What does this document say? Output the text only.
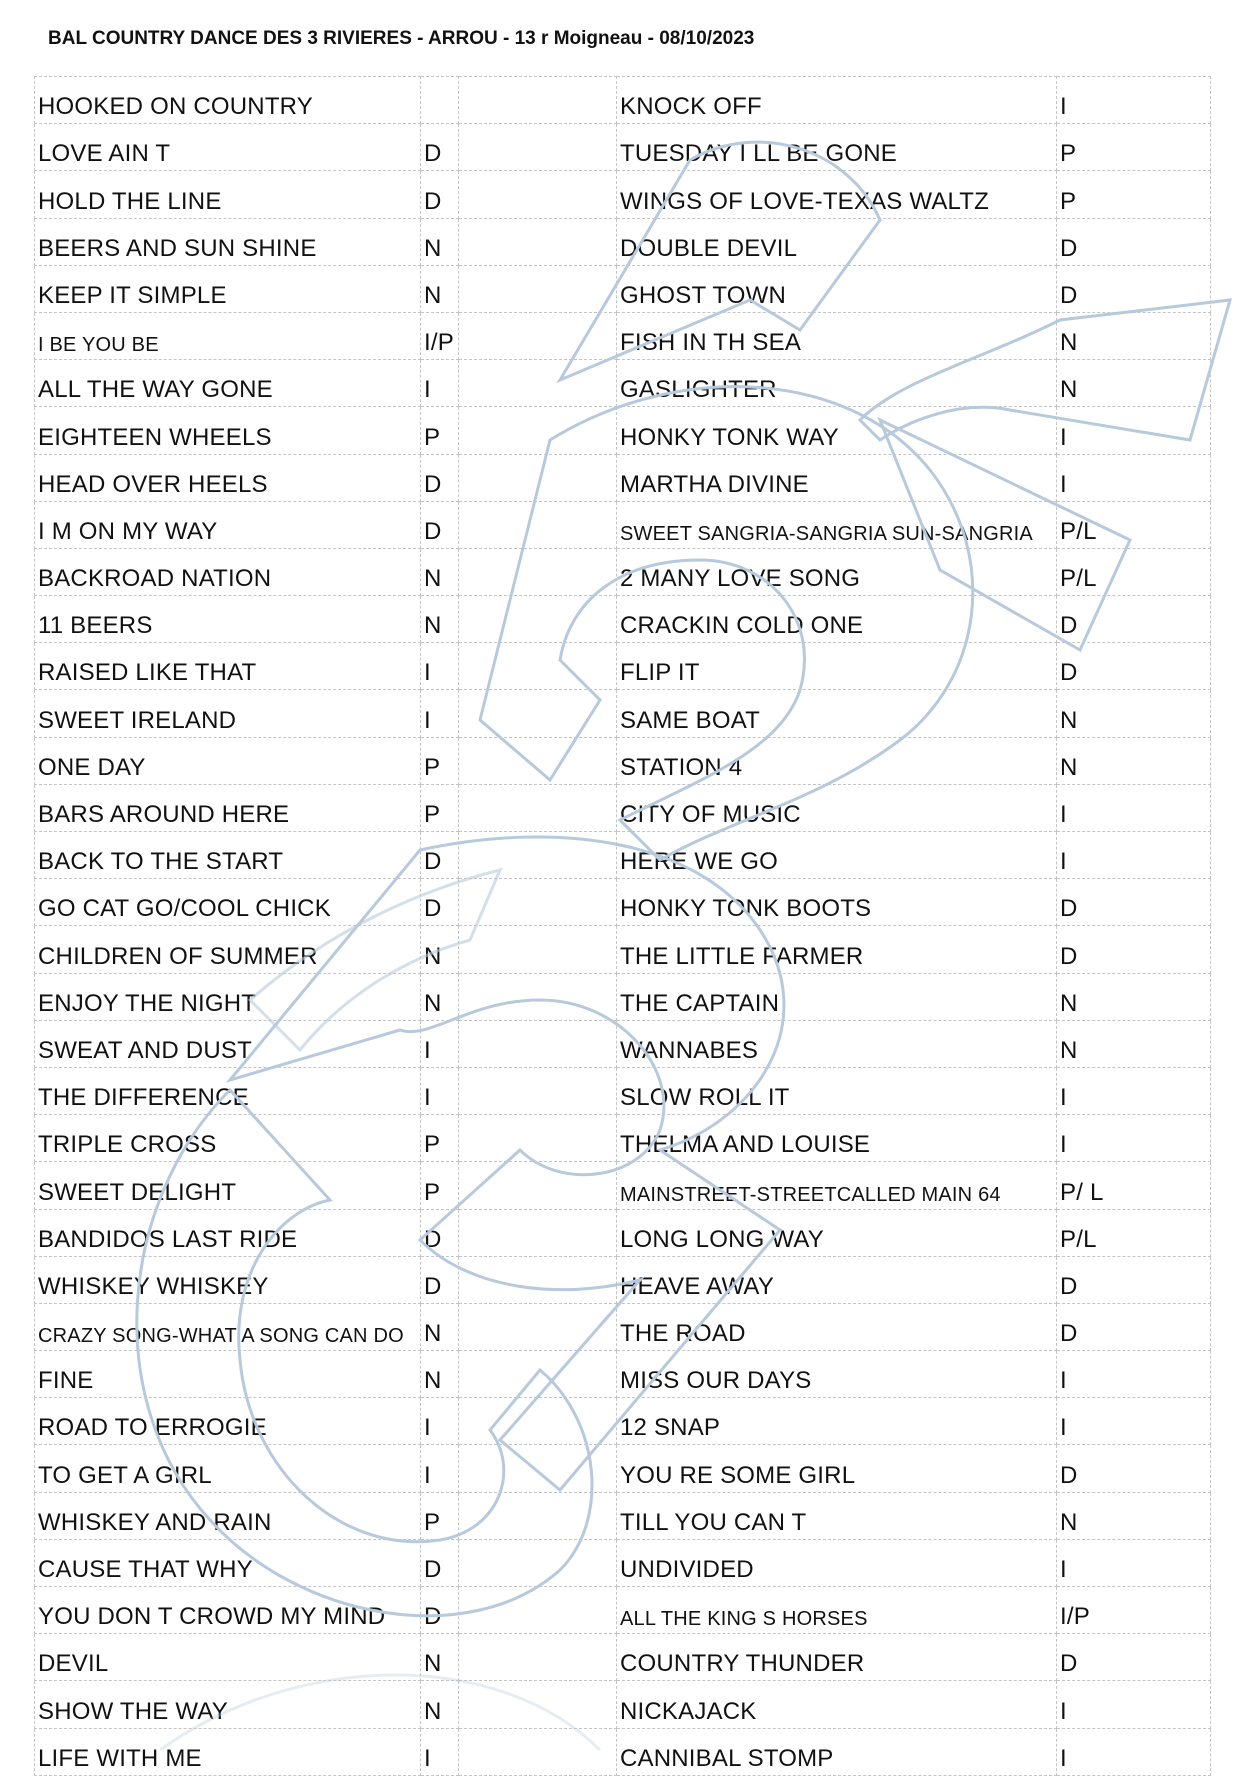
BAL COUNTRY DANCE DES 3 RIVIERES - ARROU - 13 r Moigneau - 08/10/2023
HOOKED ON COUNTRY			KNOCK OFF	I
LOVE AIN T	D		TUESDAY I LL BE GONE	P
HOLD THE LINE	D		WINGS OF LOVE-TEXAS WALTZ	P
BEERS AND SUN SHINE	N		DOUBLE DEVIL	D
KEEP IT SIMPLE	N		GHOST TOWN	D
I BE YOU BE	I/P		FISH IN TH SEA	N
ALL THE WAY GONE	I		GASLIGHTER	N
EIGHTEEN WHEELS	P		HONKY TONK WAY	I
HEAD OVER HEELS	D		MARTHA DIVINE	I
I M ON MY WAY	D		SWEET SANGRIA-SANGRIA SUN-SANGRIA	P/L
BACKROAD NATION	N		2 MANY LOVE SONG	P/L
11 BEERS	N		CRACKIN COLD ONE	D
RAISED LIKE THAT	I		FLIP IT	D
SWEET IRELAND	I		SAME BOAT	N
ONE DAY	P		STATION 4	N
BARS AROUND HERE	P		CITY OF MUSIC	I
BACK TO THE START	D		HERE WE GO	I
GO CAT GO/COOL CHICK	D		HONKY TONK BOOTS	D
CHILDREN OF SUMMER	N		THE LITTLE FARMER	D
ENJOY THE NIGHT	N		THE CAPTAIN	N
SWEAT AND DUST	I		WANNABES	N
THE DIFFERENCE	I		SLOW ROLL IT	I
TRIPLE CROSS	P		THELMA AND LOUISE	I
SWEET DELIGHT	P		MAINSTREET-STREETCALLED MAIN 64	P/ L
BANDIDOS LAST RIDE	D		LONG LONG WAY	P/L
WHISKEY WHISKEY	D		HEAVE AWAY	D
CRAZY SONG-WHAT A SONG CAN DO	N		THE ROAD	D
FINE	N		MISS OUR DAYS	I
ROAD TO ERROGIE	I		12 SNAP	I
TO GET A GIRL	I		YOU RE SOME GIRL	D
WHISKEY AND RAIN	P		TILL YOU CAN T	N
CAUSE THAT WHY	D		UNDIVIDED	I
YOU DON T CROWD MY MIND	D		ALL THE KING S HORSES	I/P
DEVIL	N		COUNTRY THUNDER	D
SHOW THE WAY	N		NICKAJACK	I
LIFE WITH ME	I		CANNIBAL STOMP	I
